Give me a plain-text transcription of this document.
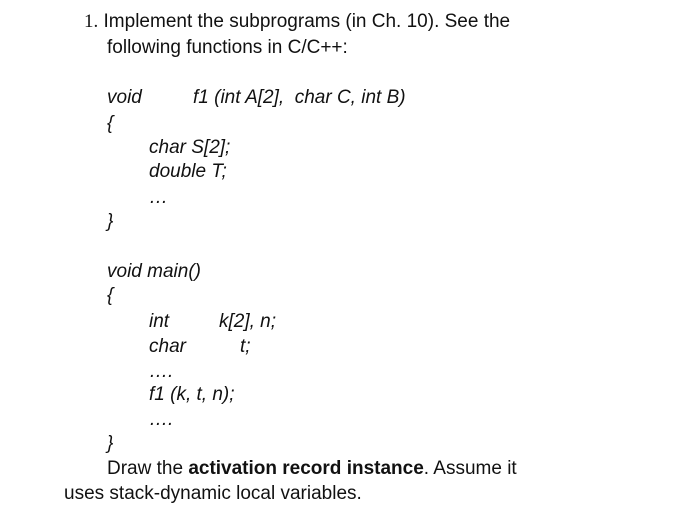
1. Implement the subprograms (in Ch. 10). See the
following functions in C/C++:
void	f1 (int A[2],  char C, int B)
{
char S[2];
double T;
…
}
void main()
{
int	k[2], n;
char	t;
….
f1 (k, t, n);
….
}
Draw the activation record instance. Assume it
uses stack-dynamic local variables.
